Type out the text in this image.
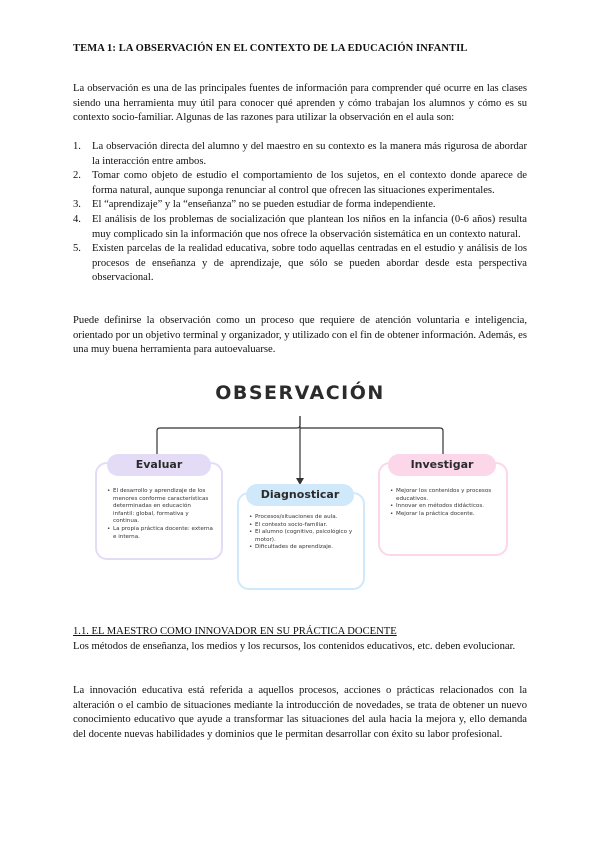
TEMA 1: LA OBSERVACIÓN EN EL CONTEXTO DE LA EDUCACIÓN INFANTIL

La observación es una de las principales fuentes de información para comprender qué ocurre en las clases siendo una herramienta muy útil para conocer qué aprenden y cómo trabajan los alumnos y cómo es su contexto socio-familiar. Algunas de las razones para utilizar la observación en el aula son:

1. La observación directa del alumno y del maestro en su contexto es la manera más rigurosa de abordar la interacción entre ambos.
2. Tomar como objeto de estudio el comportamiento de los sujetos, en el contexto donde aparece de forma natural, aunque suponga renunciar al control que ofrecen las situaciones experimentales.
3. El “aprendizaje” y la “enseñanza” no se pueden estudiar de forma independiente.
4. El análisis de los problemas de socialización que plantean los niños en la infancia (0-6 años) resulta muy complicado sin la información que nos ofrece la observación sistemática en un contexto natural.
5. Existen parcelas de la realidad educativa, sobre todo aquellas centradas en el estudio y análisis de los procesos de enseñanza y de aprendizaje, que sólo se pueden abordar desde esta perspectiva observacional.

Puede definirse la observación como un proceso que requiere de atención voluntaria e inteligencia, orientado por un objetivo terminal y organizador, y utilizado con el fin de obtener información. Además, es una muy buena herramienta para autoevaluarse.

OBSERVACIÓN
• El desarrollo y aprendizaje de los menores conforme características determinadas en educación infantil: global, formativa y continua.
• La propia práctica docente: externa e interna.
Evaluar
• Mejorar los contenidos y procesos educativos.
• Innovar en métodos didácticos.
• Mejorar la práctica docente.
Investigar
• Procesos/situaciones de aula.
• El contexto socio-familiar.
• El alumno (cognitivo, psicológico y motor).
• Dificultades de aprendizaje.
Diagnosticar
1.1. EL MAESTRO COMO INNOVADOR EN SU PRÁCTICA DOCENTE

Los métodos de enseñanza, los medios y los recursos, los contenidos educativos, etc. deben evolucionar.

La innovación educativa está referida a aquellos procesos, acciones o prácticas relacionados con la alteración o el cambio de situaciones mediante la introducción de novedades, se trata de obtener un nuevo conocimiento educativo que ayude a transformar las situaciones del aula hacia la mejora y, ello demanda del docente nuevas habilidades y dominios que le permitan desarrollar con éxito su labor profesional.
